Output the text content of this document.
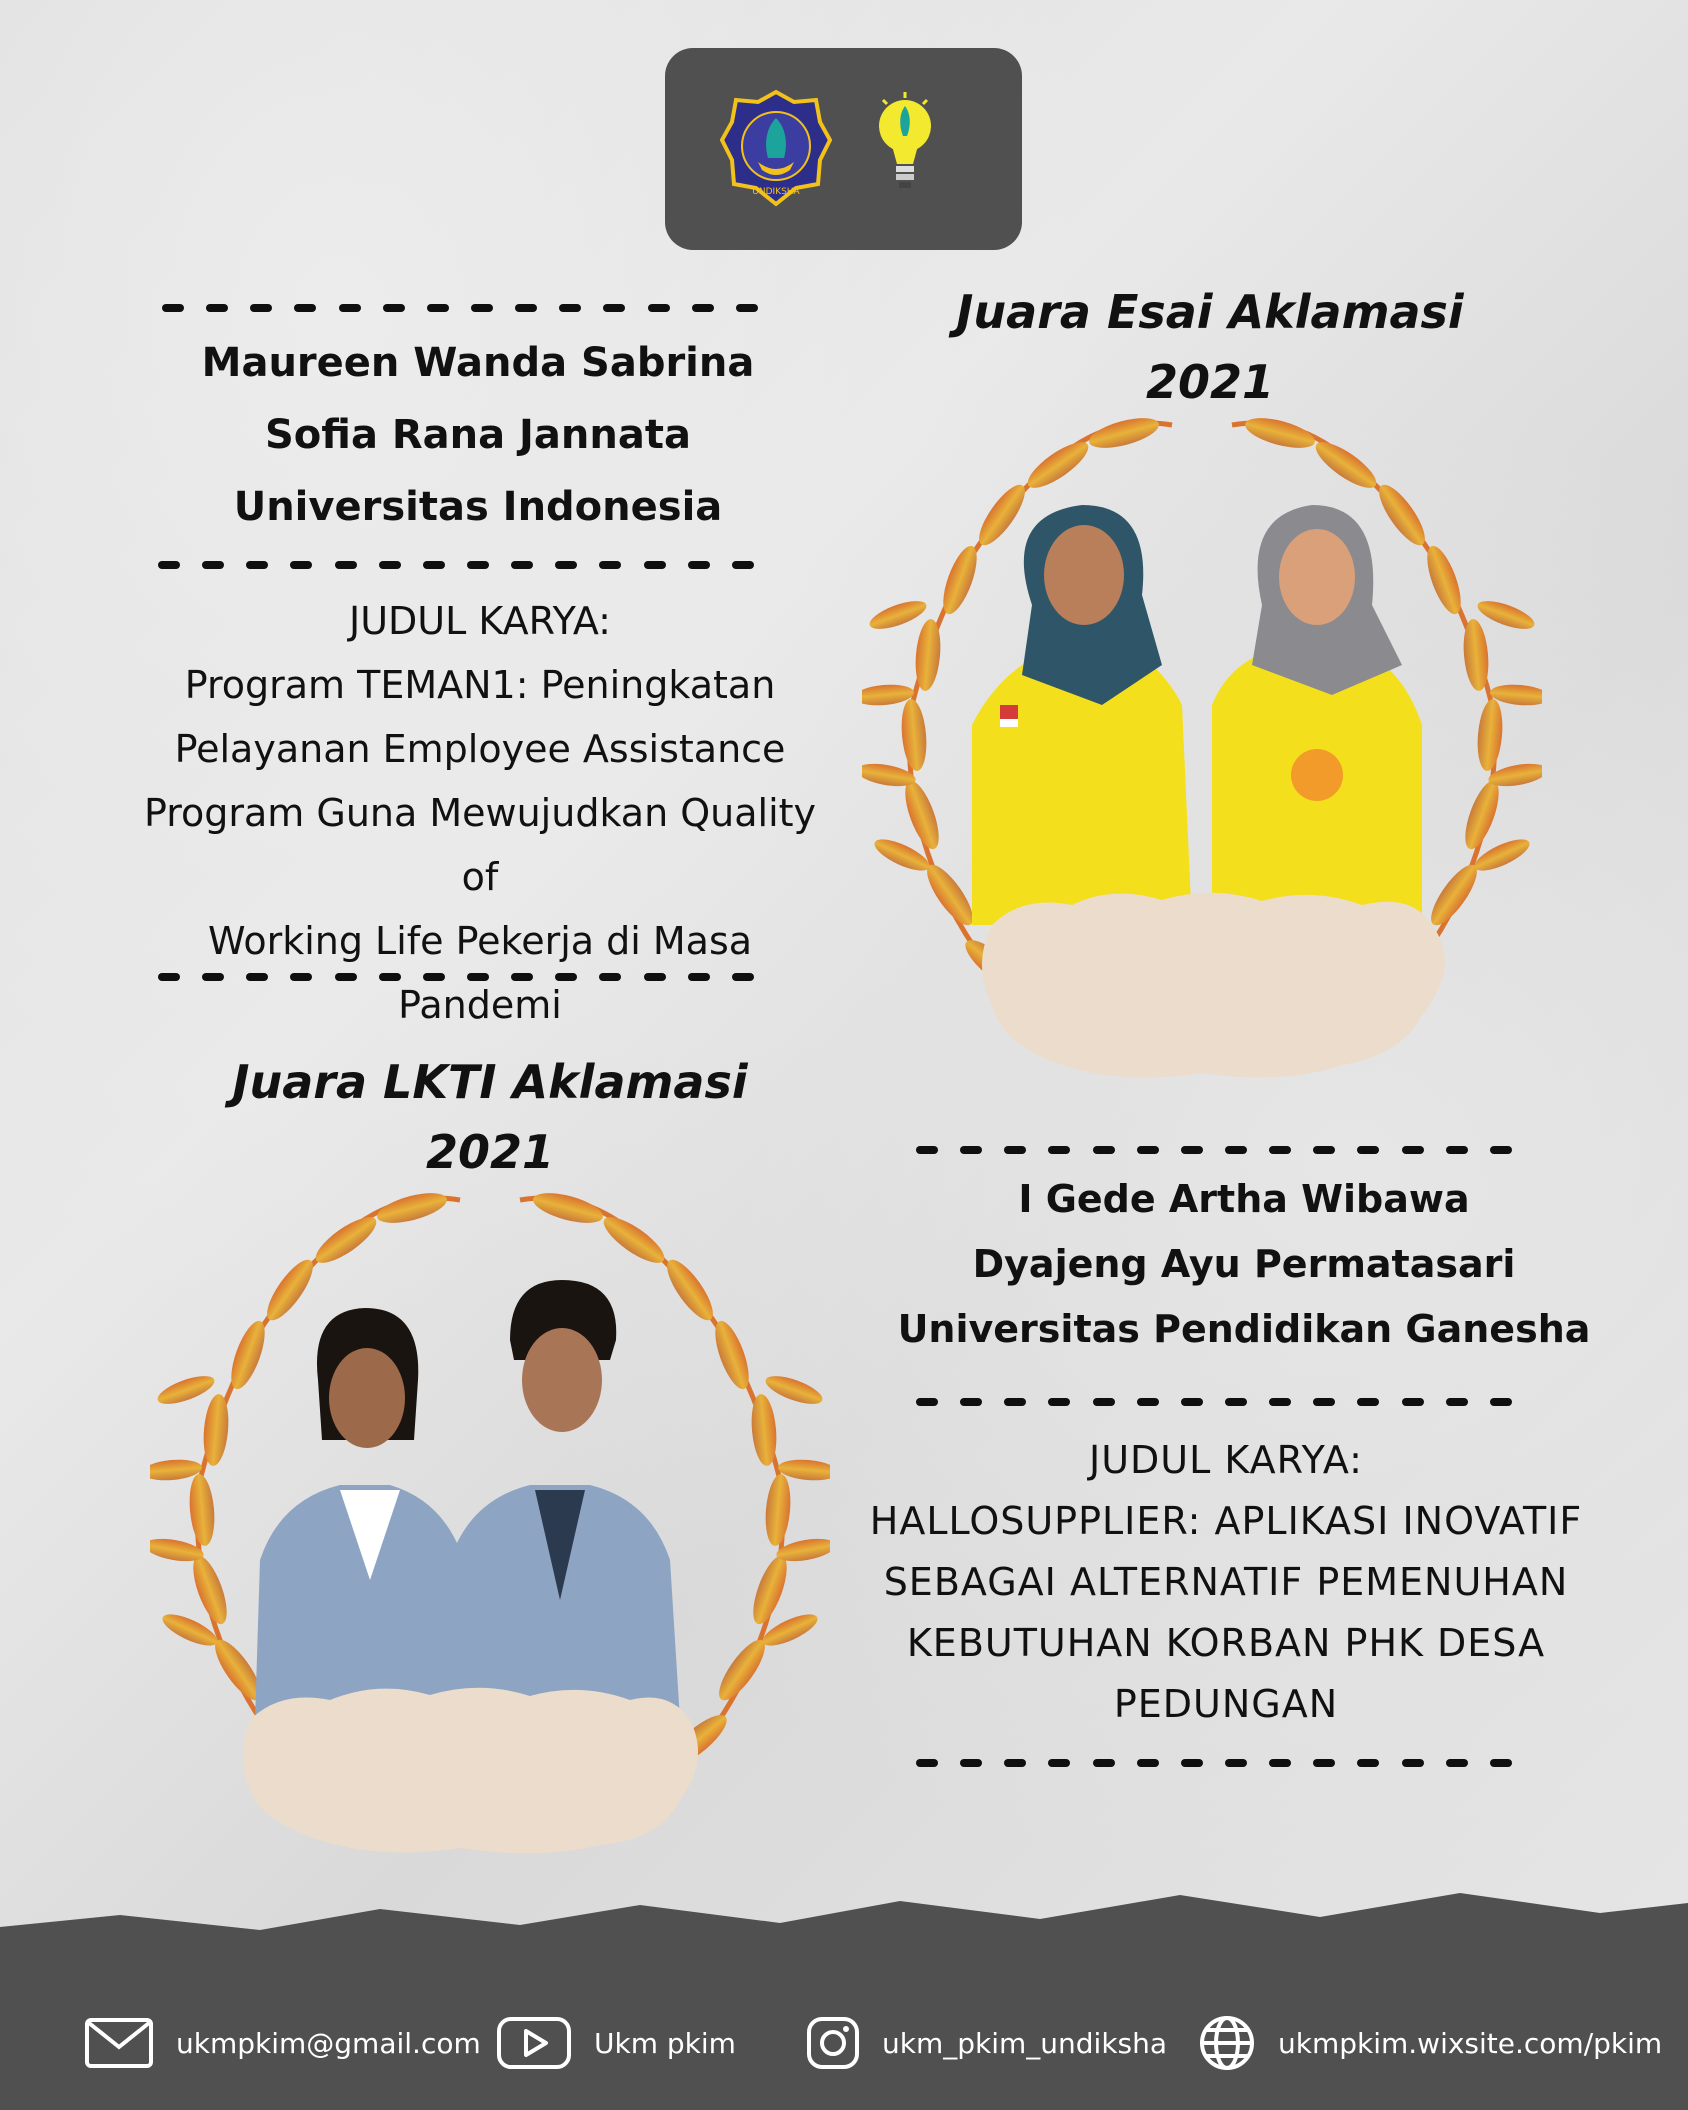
UNDIKSHA
Maureen Wanda Sabrina
Sofia Rana Jannata
Universitas Indonesia
JUDUL KARYA:
Program TEMAN1: Peningkatan
Pelayanan Employee Assistance
Program Guna Mewujudkan Quality of
Working Life Pekerja di Masa
Pandemi
Juara Esai Aklamasi
2021
Juara LKTI Aklamasi
2021
I Gede Artha Wibawa
Dyajeng Ayu Permatasari
Universitas Pendidikan Ganesha
JUDUL KARYA:
HALLOSUPPLIER: APLIKASI INOVATIF
SEBAGAI ALTERNATIF PEMENUHAN
KEBUTUHAN KORBAN PHK DESA
PEDUNGAN
ukmpkim@gmail.com	Ukm pkim	ukm_pkim_undiksha	ukmpkim.wixsite.com/pkim
